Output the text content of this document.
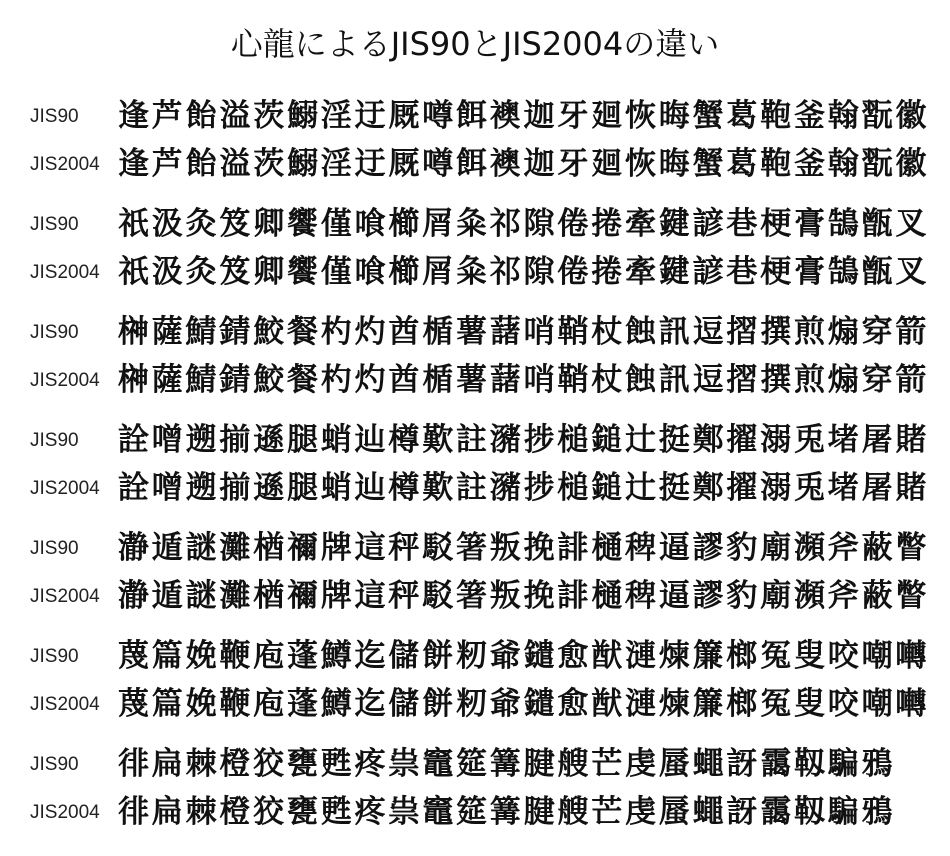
心龍によるJIS90とJIS2004の違い
JIS90 逢芦飴溢茨鰯淫迂厩噂餌襖迦牙廻恢晦蟹葛鞄釜翰翫徽
JIS2004 逢芦飴溢茨鰯淫迂厩噂餌襖迦牙廻恢晦蟹葛鞄釜翰翫徽
JIS90 祇汲灸笈卿饗僅喰櫛屑粂祁隙倦捲牽鍵諺巷梗膏鵠甑叉
JIS2004 祇汲灸笈卿饗僅喰櫛屑粂祁隙倦捲牽鍵諺巷梗膏鵠甑叉
JIS90 榊薩鯖錆鮫餐杓灼酋楯薯藷哨鞘杖蝕訊逗摺撰煎煽穿箭
JIS2004 榊薩鯖錆鮫餐杓灼酋楯薯藷哨鞘杖蝕訊逗摺撰煎煽穿箭
JIS90 詮噌遡揃遜腿蛸辿樽歎註瀦捗槌鎚辻挺鄭擢溺兎堵屠賭
JIS2004 詮噌遡揃遜腿蛸辿樽歎註瀦捗槌鎚辻挺鄭擢溺兎堵屠賭
JIS90 瀞遁謎灘楢禰牌這秤駁箸叛挽誹樋稗逼謬豹廟瀕斧蔽瞥
JIS2004 瀞遁謎灘楢禰牌這秤駁箸叛挽誹樋稗逼謬豹廟瀕斧蔽瞥
JIS90 蔑篇娩鞭庖蓬鱒迄儲餅籾爺鑓愈猷漣煉簾榔冤叟咬嘲囀
JIS2004 蔑篇娩鞭庖蓬鱒迄儲餅籾爺鑓愈猷漣煉簾榔冤叟咬嘲囀
JIS90 徘扁棘橙狡甕甦疼祟竈筵篝腱艘芒虔蜃蠅訝靄靱騙鴉
JIS2004 徘扁棘橙狡甕甦疼祟竈筵篝腱艘芒虔蜃蠅訝靄靱騙鴉
